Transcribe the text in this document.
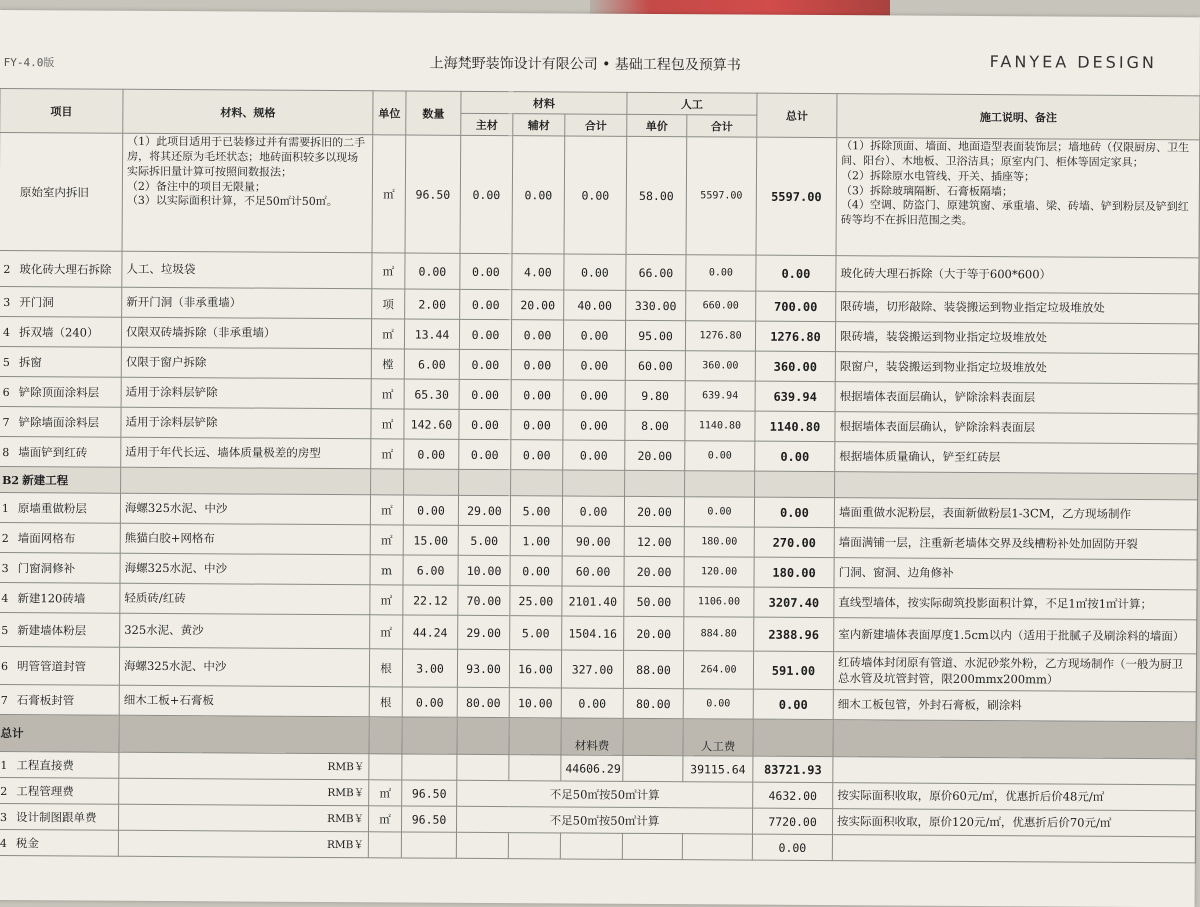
FY-4.0版	上海梵野装饰设计有限公司 • 基础工程包及预算书	FANYEA DESIGN
项目	材料、规格	单位	数量	材料			人工		总计	施工说明、备注
				主材	辅材	合计	单价	合计		
原始室内拆旧	（1）此项目适用于已装修过并有需要拆旧的二手房，将其还原为毛坯状态；地砖面积较多以现场实际拆旧量计算可按照间数报法；
（2）备注中的项目无限量；
（3）以实际面积计算，不足50㎡计50㎡。	㎡	96.50	0.00	0.00	0.00	58.00	5597.00	5597.00	（1）拆除顶面、墙面、地面造型表面装饰层；墙地砖（仅限厨房、卫生间、阳台）、木地板、卫浴洁具；原室内门、柜体等固定家具；
（2）拆除原水电管线、开关、插座等；
（3）拆除玻璃隔断、石膏板隔墙；
（4）空调、防盗门、原建筑窗、承重墙、梁、砖墙、铲到粉层及铲到红砖等均不在拆旧范围之类。
2 玻化砖大理石拆除	人工、垃圾袋	㎡	0.00	0.00	4.00	0.00	66.00	0.00	0.00	玻化砖大理石拆除（大于等于600*600）
3 开门洞	新开门洞（非承重墙）	项	2.00	0.00	20.00	40.00	330.00	660.00	700.00	限砖墙，切形敲除、装袋搬运到物业指定垃圾堆放处
4 拆双墙（240）	仅限双砖墙拆除（非承重墙）	㎡	13.44	0.00	0.00	0.00	95.00	1276.80	1276.80	限砖墙，装袋搬运到物业指定垃圾堆放处
5 拆窗	仅限于窗户拆除	樘	6.00	0.00	0.00	0.00	60.00	360.00	360.00	限窗户，装袋搬运到物业指定垃圾堆放处
6 铲除顶面涂料层	适用于涂料层铲除	㎡	65.30	0.00	0.00	0.00	9.80	639.94	639.94	根据墙体表面层确认，铲除涂料表面层
7 铲除墙面涂料层	适用于涂料层铲除	㎡	142.60	0.00	0.00	0.00	8.00	1140.80	1140.80	根据墙体表面层确认，铲除涂料表面层
8 墙面铲到红砖	适用于年代长远、墙体质量极差的房型	㎡	0.00	0.00	0.00	0.00	20.00	0.00	0.00	根据墙体质量确认，铲至红砖层
B2 新建工程										
1 原墙重做粉层	海螺325水泥、中沙	㎡	0.00	29.00	5.00	0.00	20.00	0.00	0.00	墙面重做水泥粉层，表面新做粉层1-3CM，乙方现场制作
2 墙面网格布	熊猫白胶+网格布	㎡	15.00	5.00	1.00	90.00	12.00	180.00	270.00	墙面满铺一层，注重新老墙体交界及线槽粉补处加固防开裂
3 门窗洞修补	海螺325水泥、中沙	m	6.00	10.00	0.00	60.00	20.00	120.00	180.00	门洞、窗洞、边角修补
4 新建120砖墙	轻质砖/红砖	㎡	22.12	70.00	25.00	2101.40	50.00	1106.00	3207.40	直线型墙体，按实际砌筑投影面积计算，不足1㎡按1㎡计算；
5 新建墙体粉层	325水泥、黄沙	㎡	44.24	29.00	5.00	1504.16	20.00	884.80	2388.96	室内新建墙体表面厚度1.5cm以内（适用于批腻子及刷涂料的墙面）
6 明管管道封管	海螺325水泥、中沙	根	3.00	93.00	16.00	327.00	88.00	264.00	591.00	红砖墙体封闭原有管道、水泥砂浆外粉，乙方现场制作（一般为厨卫总水管及坑管封管，限200mmx200mm）
7 石膏板封管	细木工板+石膏板	根	0.00	80.00	10.00	0.00	80.00	0.00	0.00	细木工板包管，外封石膏板，刷涂料
总计						材料费		人工费		
1 工程直接费	RMB￥					44606.29		39115.64	83721.93	
2 工程管理费	RMB￥	㎡	96.50	不足50㎡按50㎡计算					4632.00	按实际面积收取，原价60元/㎡，优惠折后价48元/㎡
3 设计制图跟单费	RMB￥	㎡	96.50	不足50㎡按50㎡计算					7720.00	按实际面积收取，原价120元/㎡，优惠折后价70元/㎡
4 税金	RMB￥								0.00	
